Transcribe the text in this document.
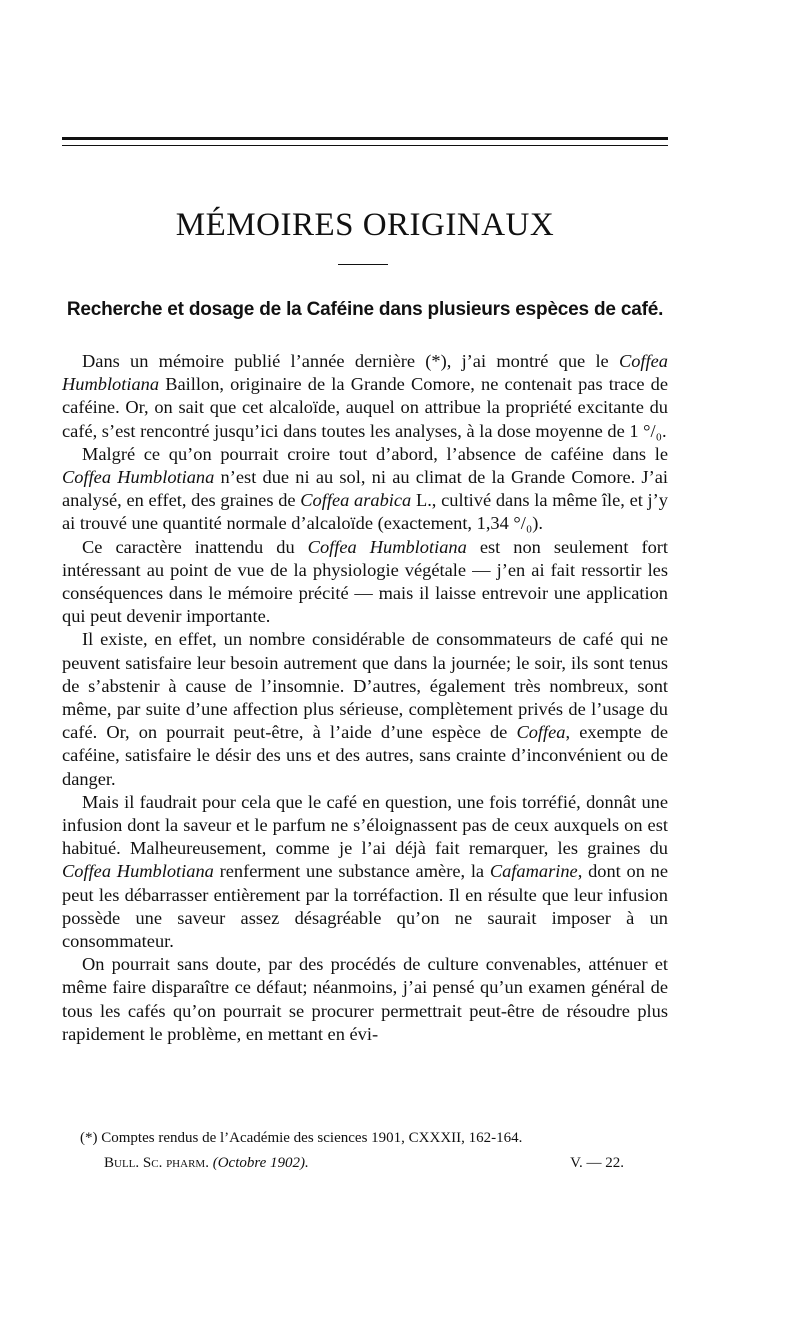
MÉMOIRES ORIGINAUX
Recherche et dosage de la Caféine dans plusieurs espèces de café.

Dans un mémoire publié l’année dernière (*), j’ai montré que le Coffea Humblotiana Baillon, originaire de la Grande Comore, ne contenait pas trace de caféine. Or, on sait que cet alcaloïde, auquel on attribue la propriété excitante du café, s’est rencontré jusqu’ici dans toutes les analyses, à la dose moyenne de 1 °/₀.

Malgré ce qu’on pourrait croire tout d’abord, l’absence de caféine dans le Coffea Humblotiana n’est due ni au sol, ni au climat de la Grande Comore. J’ai analysé, en effet, des graines de Coffea arabica L., cultivé dans la même île, et j’y ai trouvé une quantité normale d’alcaloïde (exactement, 1,34 °/₀).

Ce caractère inattendu du Coffea Humblotiana est non seulement fort intéressant au point de vue de la physiologie végétale — j’en ai fait ressortir les conséquences dans le mémoire précité — mais il laisse entrevoir une application qui peut devenir importante.

Il existe, en effet, un nombre considérable de consommateurs de café qui ne peuvent satisfaire leur besoin autrement que dans la journée; le soir, ils sont tenus de s’abstenir à cause de l’insomnie. D’autres, également très nombreux, sont même, par suite d’une affection plus sérieuse, complètement privés de l’usage du café. Or, on pourrait peut-être, à l’aide d’une espèce de Coffea, exempte de caféine, satisfaire le désir des uns et des autres, sans crainte d’inconvénient ou de danger.

Mais il faudrait pour cela que le café en question, une fois torréfié, donnât une infusion dont la saveur et le parfum ne s’éloignassent pas de ceux auxquels on est habitué. Malheureusement, comme je l’ai déjà fait remarquer, les graines du Coffea Humblotiana renferment une substance amère, la Cafamarine, dont on ne peut les débarrasser entièrement par la torréfaction. Il en résulte que leur infusion possède une saveur assez désagréable qu’on ne saurait imposer à un consommateur.

On pourrait sans doute, par des procédés de culture convenables, atténuer et même faire disparaître ce défaut; néanmoins, j’ai pensé qu’un examen général de tous les cafés qu’on pourrait se procurer permettrait peut-être de résoudre plus rapidement le problème, en mettant en évi-

(*) Comptes rendus de l’Académie des sciences 1901, CXXXII, 162-164.

Bull. Sc. pharm. (Octobre 1902).	V. — 22.
